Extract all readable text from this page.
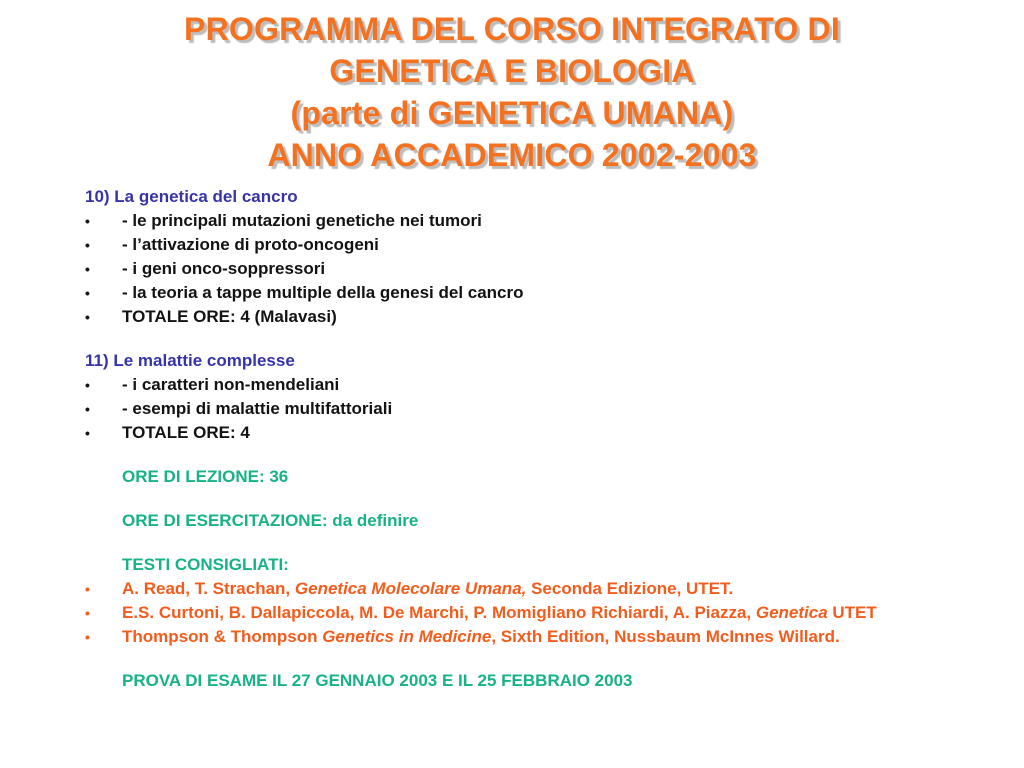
PROGRAMMA DEL CORSO INTEGRATO DI
GENETICA E BIOLOGIA
(parte di GENETICA UMANA)
ANNO ACCADEMICO 2002-2003
10) La genetica del cancro
•	- le principali mutazioni genetiche nei tumori
•	- l’attivazione di proto-oncogeni
•	- i geni onco-soppressori
•	- la teoria a tappe multiple della genesi del cancro
•	TOTALE ORE: 4 (Malavasi)
11) Le malattie complesse
•	- i caratteri non-mendeliani
•	- esempi di malattie multifattoriali
•	TOTALE ORE: 4
ORE DI LEZIONE: 36
ORE DI ESERCITAZIONE: da definire
TESTI CONSIGLIATI:
•	A. Read, T. Strachan, Genetica Molecolare Umana, Seconda Edizione, UTET.
•	E.S. Curtoni, B. Dallapiccola, M. De Marchi, P. Momigliano Richiardi, A. Piazza, Genetica UTET
•	Thompson & Thompson Genetics in Medicine, Sixth Edition, Nussbaum McInnes Willard.
PROVA DI ESAME IL 27 GENNAIO 2003 E IL 25 FEBBRAIO 2003
